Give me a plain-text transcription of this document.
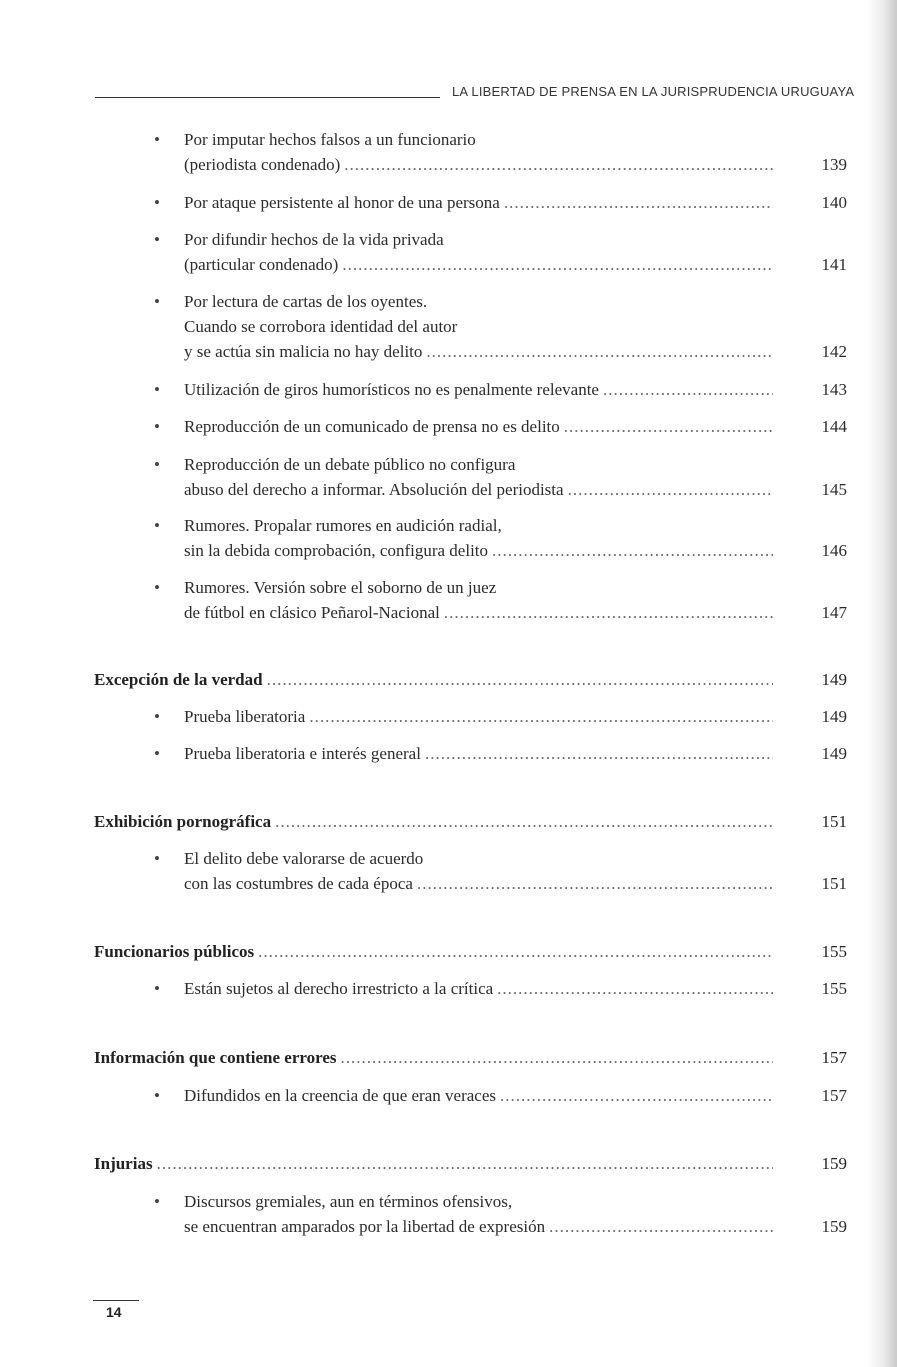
LA LIBERTAD DE PRENSA EN LA JURISPRUDENCIA URUGUAYA
• Por imputar hechos falsos a un funcionario
(periodista condenado) .....	139
• Por ataque persistente al honor de una persona .....	140
• Por difundir hechos de la vida privada
(particular condenado) .....	141
• Por lectura de cartas de los oyentes.
Cuando se corrobora identidad del autor
y se actúa sin malicia no hay delito .....	142
• Utilización de giros humorísticos no es penalmente relevante .....	143
• Reproducción de un comunicado de prensa no es delito .....	144
• Reproducción de un debate público no configura
abuso del derecho a informar. Absolución del periodista .....	145
• Rumores. Propalar rumores en audición radial,
sin la debida comprobación, configura delito .....	146
• Rumores. Versión sobre el soborno de un juez
de fútbol en clásico Peñarol-Nacional .....	147
Excepción de la verdad .....	149
• Prueba liberatoria .....	149
• Prueba liberatoria e interés general .....	149
Exhibición pornográfica .....	151
• El delito debe valorarse de acuerdo
con las costumbres de cada época .....	151
Funcionarios públicos .....	155
• Están sujetos al derecho irrestricto a la crítica .....	155
Información que contiene errores .....	157
• Difundidos en la creencia de que eran veraces .....	157
Injurias .....	159
• Discursos gremiales, aun en términos ofensivos,
se encuentran amparados por la libertad de expresión .....	159
14
